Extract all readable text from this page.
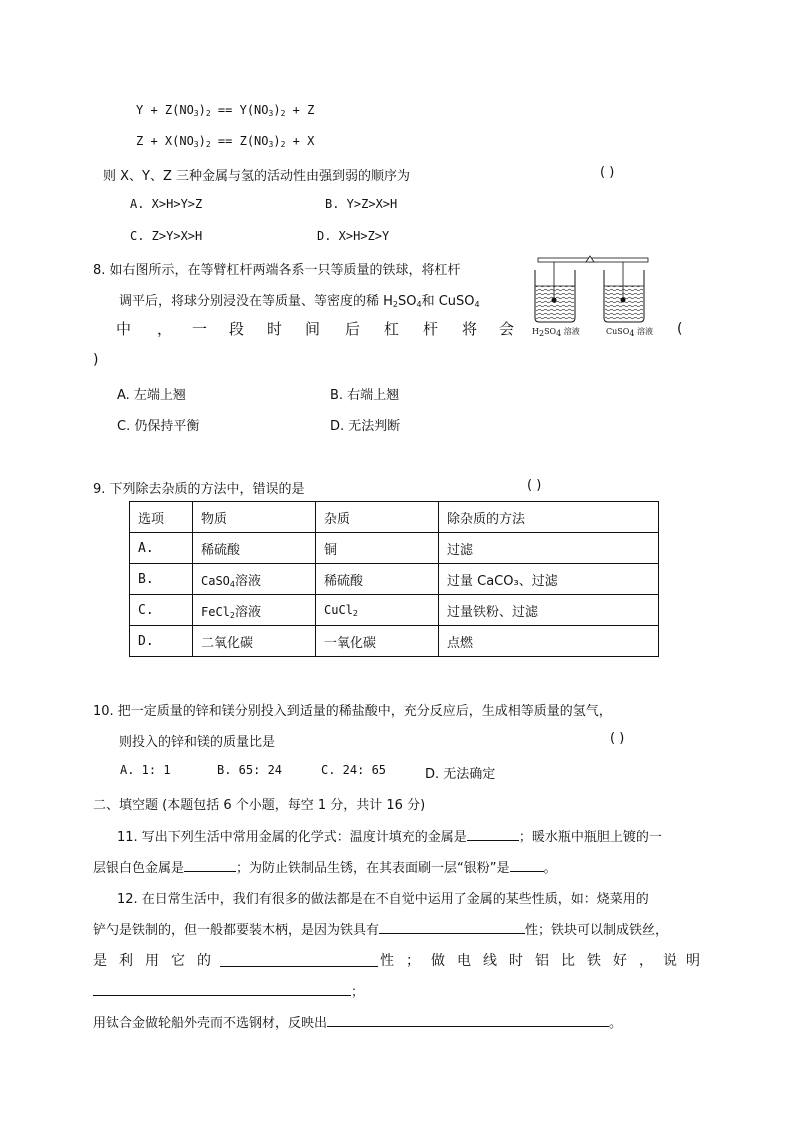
$Y + Z(NO_3)_2 == Y(NO_3)_2 + Z$
$Z + X(NO_3)_2 == Z(NO_3)_2 + X$
则 X、Y、Z 三种金属与氢的活动性由强到弱的顺序为	( )
A. X>H>Y>Z	B. Y>Z>X>H
C. Z>Y>X>H	D. X>H>Z>Y
8. 如右图所示，在等臂杠杆两端各系一只等质量的铁球，将杠杆
调平后，将球分别浸没在等质量、等密度的稀 $H_2SO_4$和 CuSO$_4$
中 ， 一 段 时 间 后 杠 杆 将 会	(
)
$H_2SO_4$ 溶液	CuSO$_4$ 溶液
A. 左端上翘	B. 右端上翘
C. 仍保持平衡	D. 无法判断
9. 下列除去杂质的方法中，错误的是	( )
选项	物质	杂质	除杂质的方法
A.	稀硫酸	铜	过滤
B.	CaSO$_4$溶液	稀硫酸	过量 CaCO₃、过滤
C.	FeCl$_2$溶液	CuCl$_2$	过量铁粉、过滤
D.	二氧化碳	一氧化碳	点燃
10. 把一定质量的锌和镁分别投入到适量的稀盐酸中，充分反应后，生成相等质量的氢气，
则投入的锌和镁的质量比是	( )
A. 1: 1	B. 65: 24	C. 24: 65	D. 无法确定
二、填空题 (本题包括 6 个小题，每空 1 分，共计 16 分)
11. 写出下列生活中常用金属的化学式：温度计填充的金属是	；暖水瓶中瓶胆上镀的一
层银白色金属是	；为防止铁制品生锈，在其表面刷一层“银粉”是	。
12. 在日常生活中，我们有很多的做法都是在不自觉中运用了金属的某些性质，如：烧菜用的
铲勺是铁制的，但一般都要装木柄，是因为铁具有	性；铁块可以制成铁丝，
是 利 用 它 的	性 ； 做 电 线 时 铝 比 铁 好 ， 说 明
；
用钛合金做轮船外壳而不选钢材，反映出	。
